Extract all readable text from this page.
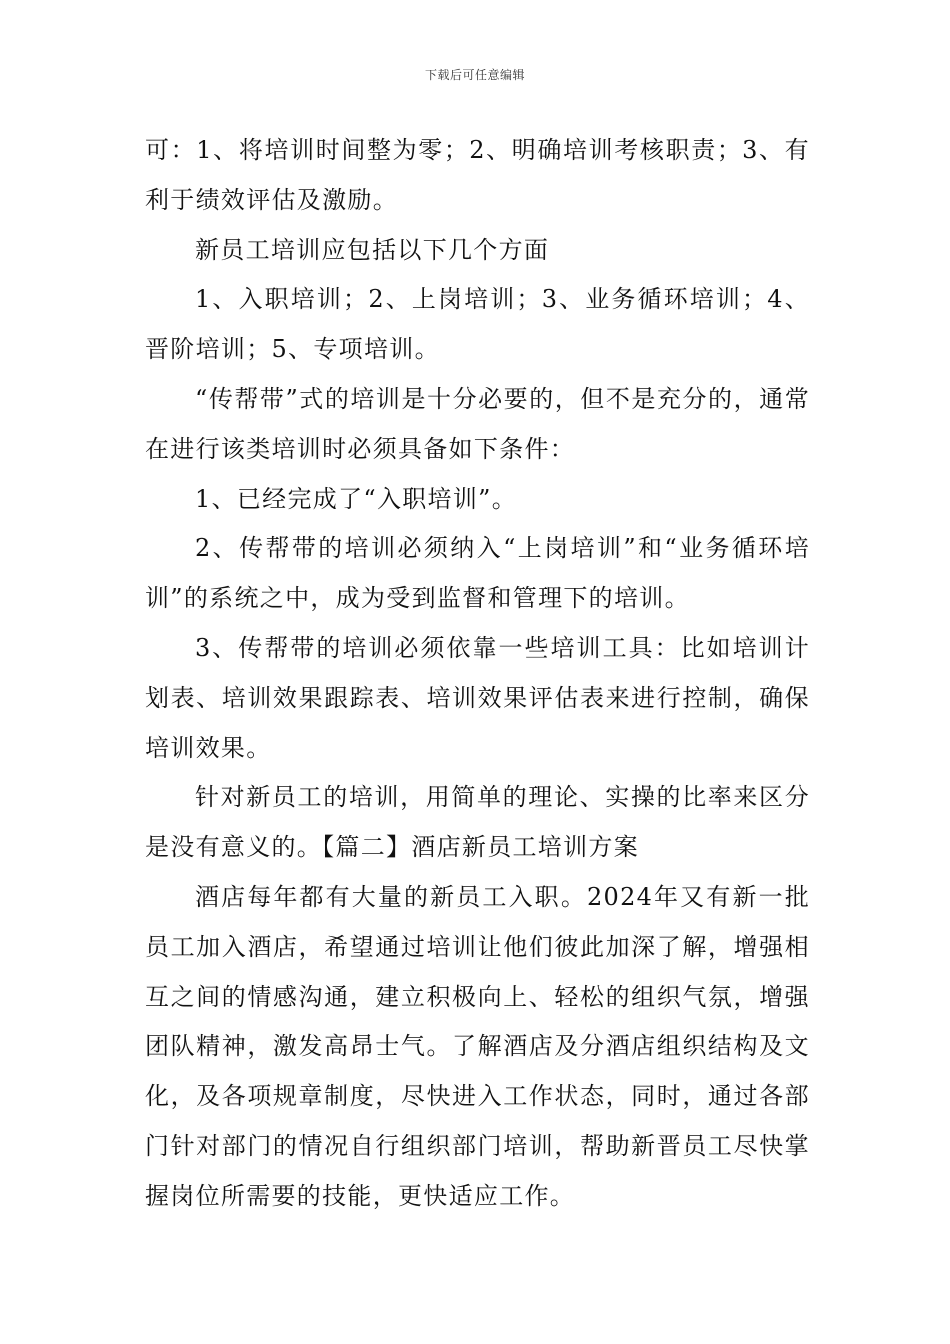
下载后可任意编辑

可：1、将培训时间整为零；2、明确培训考核职责；3、有利于绩效评估及激励。

新员工培训应包括以下几个方面

1、入职培训；2、上岗培训；3、业务循环培训；4、晋阶培训；5、专项培训。

“传帮带”式的培训是十分必要的，但不是充分的，通常在进行该类培训时必须具备如下条件：

1、已经完成了“入职培训”。

2、传帮带的培训必须纳入“上岗培训”和“业务循环培训”的系统之中，成为受到监督和管理下的培训。

3、传帮带的培训必须依靠一些培训工具：比如培训计划表、培训效果跟踪表、培训效果评估表来进行控制，确保培训效果。

针对新员工的培训，用简单的理论、实操的比率来区分是没有意义的。【篇二】酒店新员工培训方案

酒店每年都有大量的新员工入职。2024年又有新一批员工加入酒店，希望通过培训让他们彼此加深了解，增强相互之间的情感沟通，建立积极向上、轻松的组织气氛，增强团队精神，激发高昂士气。了解酒店及分酒店组织结构及文化，及各项规章制度，尽快进入工作状态，同时，通过各部门针对部门的情况自行组织部门培训，帮助新晋员工尽快掌握岗位所需要的技能，更快适应工作。
